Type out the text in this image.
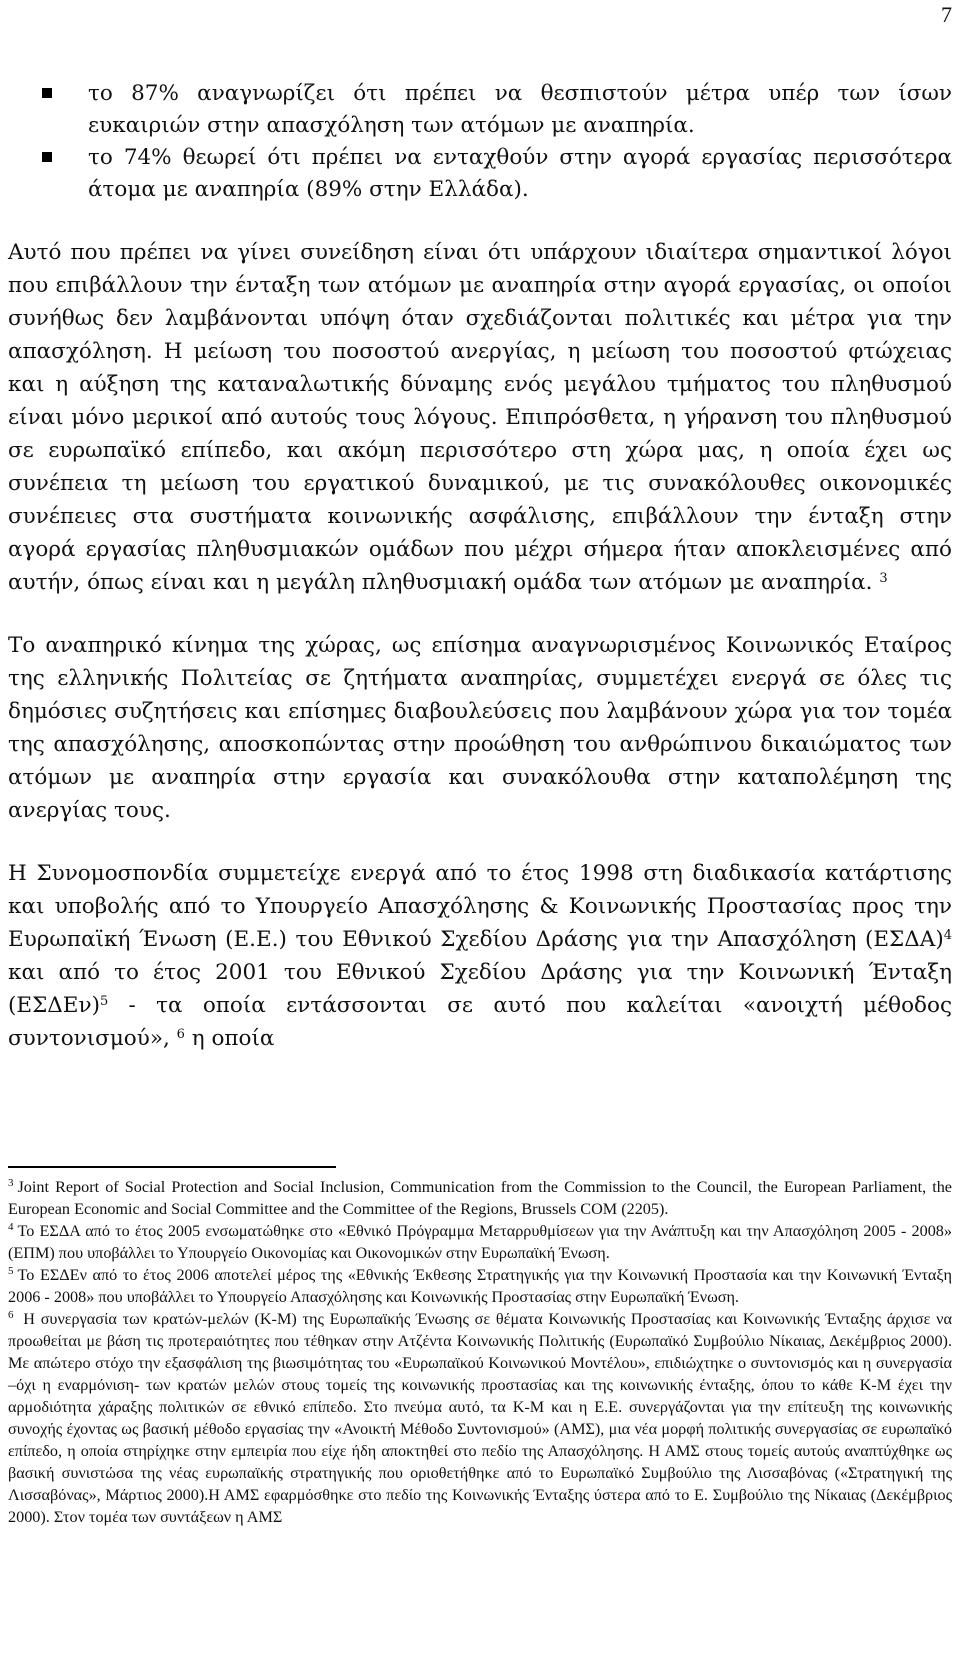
7
το 87% αναγνωρίζει ότι πρέπει να θεσπιστούν μέτρα υπέρ των ίσων ευκαιριών στην απασχόληση των ατόμων με αναπηρία.
το 74% θεωρεί ότι πρέπει να ενταχθούν στην αγορά εργασίας περισσότερα άτομα με αναπηρία (89% στην Ελλάδα).

Αυτό που πρέπει να γίνει συνείδηση είναι ότι υπάρχουν ιδιαίτερα σημαντικοί λόγοι που επιβάλλουν την ένταξη των ατόμων με αναπηρία στην αγορά εργασίας, οι οποίοι συνήθως δεν λαμβάνονται υπόψη όταν σχεδιάζονται πολιτικές και μέτρα για την απασχόληση. Η μείωση του ποσοστού ανεργίας, η μείωση του ποσοστού φτώχειας και η αύξηση της καταναλωτικής δύναμης ενός μεγάλου τμήματος του πληθυσμού είναι μόνο μερικοί από αυτούς τους λόγους. Επιπρόσθετα, η γήρανση του πληθυσμού σε ευρωπαϊκό επίπεδο, και ακόμη περισσότερο στη χώρα μας, η οποία έχει ως συνέπεια τη μείωση του εργατικού δυναμικού, με τις συνακόλουθες οικονομικές συνέπειες στα συστήματα κοινωνικής ασφάλισης, επιβάλλουν την ένταξη στην αγορά εργασίας πληθυσμιακών ομάδων που μέχρι σήμερα ήταν αποκλεισμένες από αυτήν, όπως είναι και η μεγάλη πληθυσμιακή ομάδα των ατόμων με αναπηρία. $^3$

Το αναπηρικό κίνημα της χώρας, ως επίσημα αναγνωρισμένος Κοινωνικός Εταίρος της ελληνικής Πολιτείας σε ζητήματα αναπηρίας, συμμετέχει ενεργά σε όλες τις δημόσιες συζητήσεις και επίσημες διαβουλεύσεις που λαμβάνουν χώρα για τον τομέα της απασχόλησης, αποσκοπώντας στην προώθηση του ανθρώπινου δικαιώματος των ατόμων με αναπηρία στην εργασία και συνακόλουθα στην καταπολέμηση της ανεργίας τους.

Η Συνομοσπονδία συμμετείχε ενεργά από το έτος 1998 στη διαδικασία κατάρτισης και υποβολής από το Υπουργείο Απασχόλησης & Κοινωνικής Προστασίας προς την Ευρωπαϊκή Ένωση (Ε.Ε.) του Εθνικού Σχεδίου Δράσης για την Απασχόληση (ΕΣΔΑ)$^4$ και από το έτος 2001 του Εθνικού Σχεδίου Δράσης για την Κοινωνική Ένταξη (ΕΣΔΕν)$^5$ - τα οποία εντάσσονται σε αυτό που καλείται «ανοιχτή μέθοδος συντονισμού», $^6$ η οποία

$^3$ Joint Report of Social Protection and Social Inclusion, Communication from the Commission to the Council, the European Parliament, the European Economic and Social Committee and the Committee of the Regions, Brussels COM (2205).

$^4$ Το ΕΣΔΑ από το έτος 2005 ενσωματώθηκε στο «Εθνικό Πρόγραμμα Μεταρρυθμίσεων για την Ανάπτυξη και την Απασχόληση 2005 - 2008» (ΕΠΜ) που υποβάλλει το Υπουργείο Οικονομίας και Οικονομικών στην Ευρωπαϊκή Ένωση.

$^5$ Το ΕΣΔΕν από το έτος 2006 αποτελεί μέρος της «Εθνικής Έκθεσης Στρατηγικής για την Κοινωνική Προστασία και την Κοινωνική Ένταξη 2006 - 2008» που υποβάλλει το Υπουργείο Απασχόλησης και Κοινωνικής Προστασίας στην Ευρωπαϊκή Ένωση.

$^6$ Η συνεργασία των κρατών-μελών (Κ-Μ) της Ευρωπαϊκής Ένωσης σε θέματα Κοινωνικής Προστασίας και Κοινωνικής Ένταξης άρχισε να προωθείται με βάση τις προτεραιότητες που τέθηκαν στην Ατζέντα Κοινωνικής Πολιτικής (Ευρωπαϊκό Συμβούλιο Νίκαιας, Δεκέμβριος 2000). Με απώτερο στόχο την εξασφάλιση της βιωσιμότητας του «Ευρωπαϊκού Κοινωνικού Μοντέλου», επιδιώχτηκε ο συντονισμός και η συνεργασία –όχι η εναρμόνιση- των κρατών μελών στους τομείς της κοινωνικής προστασίας και της κοινωνικής ένταξης, όπου το κάθε Κ-Μ έχει την αρμοδιότητα χάραξης πολιτικών σε εθνικό επίπεδο. Στο πνεύμα αυτό, τα Κ-Μ και η Ε.Ε. συνεργάζονται για την επίτευξη της κοινωνικής συνοχής έχοντας ως βασική μέθοδο εργασίας την «Ανοικτή Μέθοδο Συντονισμού» (ΑΜΣ), μια νέα μορφή πολιτικής συνεργασίας σε ευρωπαϊκό επίπεδο, η οποία στηρίχηκε στην εμπειρία που είχε ήδη αποκτηθεί στο πεδίο της Απασχόλησης. Η ΑΜΣ στους τομείς αυτούς αναπτύχθηκε ως βασική συνιστώσα της νέας ευρωπαϊκής στρατηγικής που οριοθετήθηκε από το Ευρωπαϊκό Συμβούλιο της Λισσαβόνας («Στρατηγική της Λισσαβόνας», Μάρτιος 2000).Η ΑΜΣ εφαρμόσθηκε στο πεδίο της Κοινωνικής Ένταξης ύστερα από το Ε. Συμβούλιο της Νίκαιας (Δεκέμβριος 2000). Στον τομέα των συντάξεων η ΑΜΣ
